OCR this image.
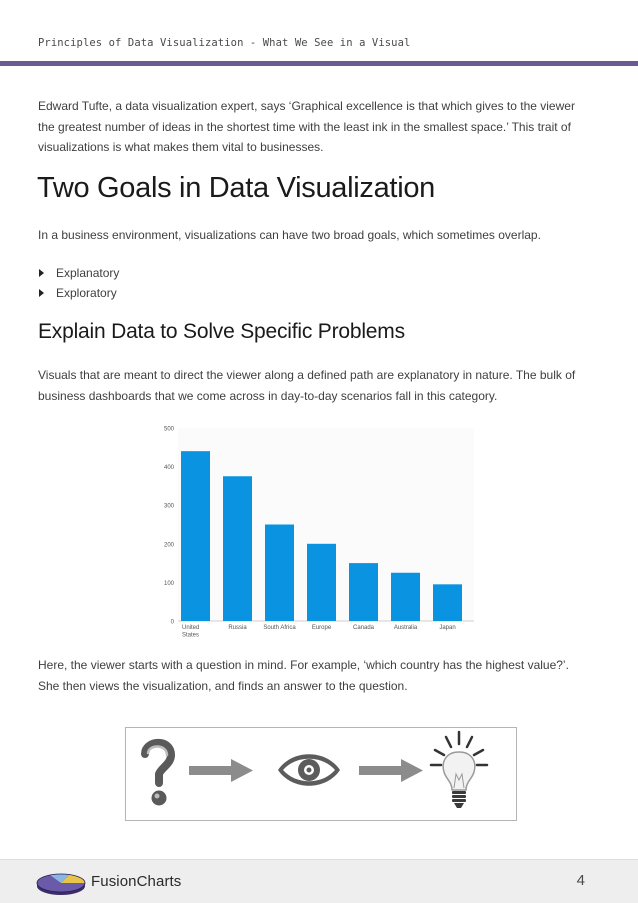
Principles of Data Visualization - What We See in a Visual
Edward Tufte, a data visualization expert, says ‘Graphical excellence is that which gives to the viewer
the greatest number of ideas in the shortest time with the least ink in the smallest space.’ This trait of
visualizations is what makes them vital to businesses.
Two Goals in Data Visualization
In a business environment, visualizations can have two broad goals, which sometimes overlap.
Explanatory
Exploratory
Explain Data to Solve Specific Problems
Visuals that are meant to direct the viewer along a defined path are explanatory in nature. The bulk of
business dashboards that we come across in day-to-day scenarios fall in this category.
0
100
200
300
400
500
United States
Russia	South Africa	Europe	Canada	Australia	Japan
Here, the viewer starts with a question in mind. For example, ‘which country has the highest value?’.
She then views the visualization, and finds an answer to the question.
FusionCharts	4
